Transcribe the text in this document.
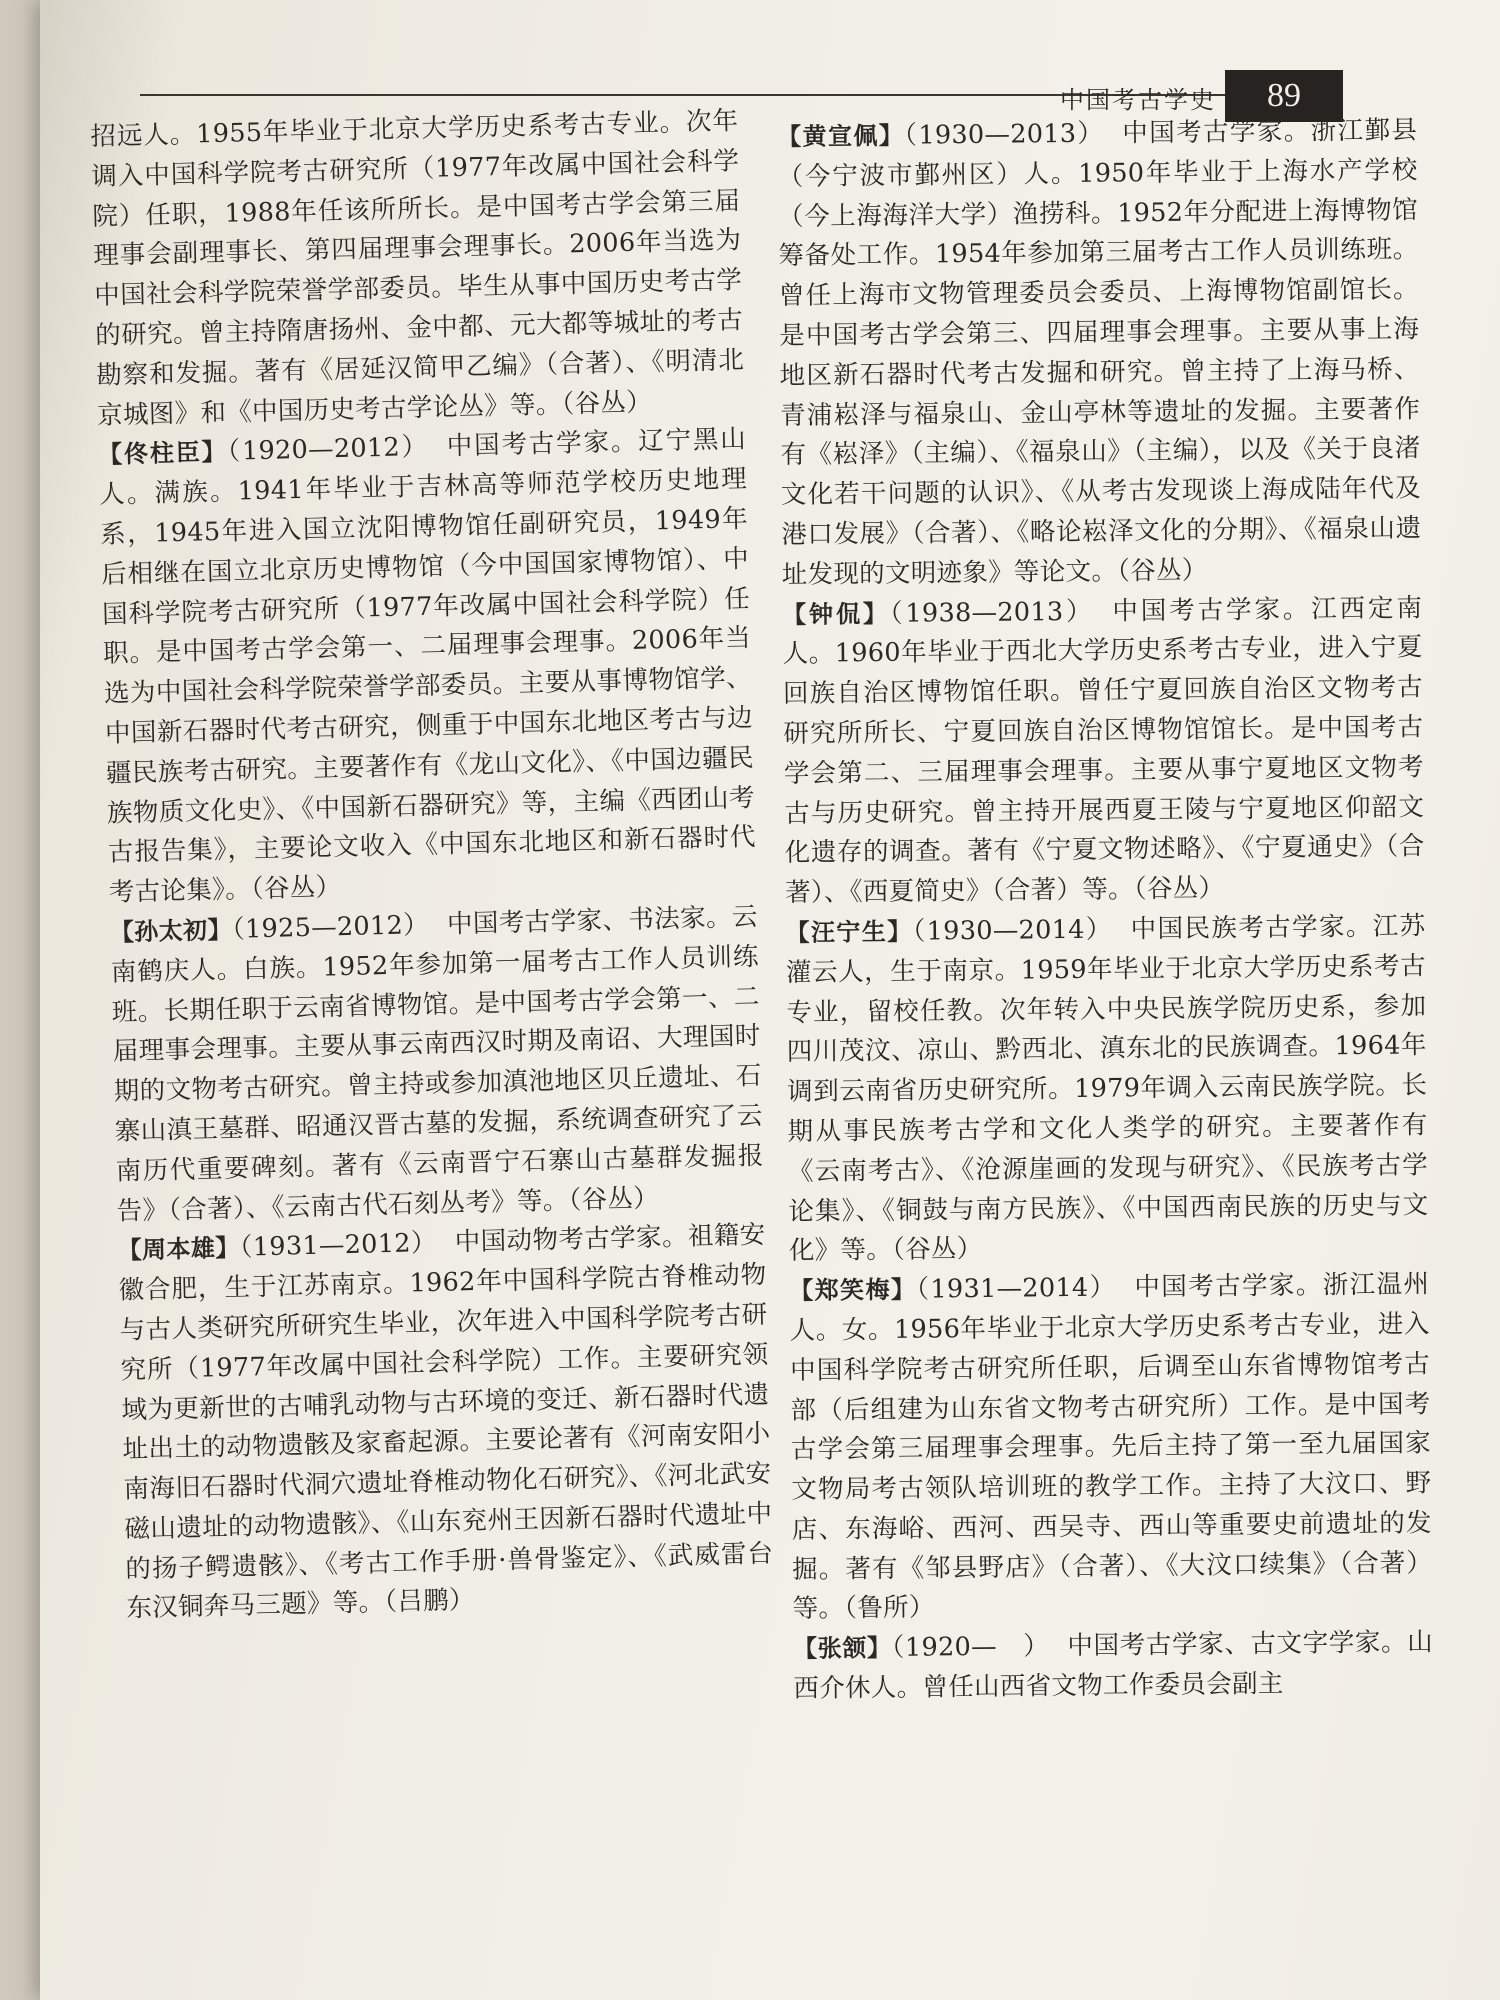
中国考古学史	89

招远人。1955年毕业于北京大学历史系考古专业。次年调入中国科学院考古研究所（1977年改属中国社会科学院）任职，1988年任该所所长。是中国考古学会第三届理事会副理事长、第四届理事会理事长。2006年当选为中国社会科学院荣誉学部委员。毕生从事中国历史考古学的研究。曾主持隋唐扬州、金中都、元大都等城址的考古勘察和发掘。著有《居延汉简甲乙编》（合著）、《明清北京城图》和《中国历史考古学论丛》等。（谷丛）

【佟柱臣】（1920—2012） 中国考古学家。辽宁黑山人。满族。1941年毕业于吉林高等师范学校历史地理系，1945年进入国立沈阳博物馆任副研究员，1949年后相继在国立北京历史博物馆（今中国国家博物馆）、中国科学院考古研究所（1977年改属中国社会科学院）任职。是中国考古学会第一、二届理事会理事。2006年当选为中国社会科学院荣誉学部委员。主要从事博物馆学、中国新石器时代考古研究，侧重于中国东北地区考古与边疆民族考古研究。主要著作有《龙山文化》、《中国边疆民族物质文化史》、《中国新石器研究》等，主编《西团山考古报告集》，主要论文收入《中国东北地区和新石器时代考古论集》。（谷丛）

【孙太初】（1925—2012） 中国考古学家、书法家。云南鹤庆人。白族。1952年参加第一届考古工作人员训练班。长期任职于云南省博物馆。是中国考古学会第一、二届理事会理事。主要从事云南西汉时期及南诏、大理国时期的文物考古研究。曾主持或参加滇池地区贝丘遗址、石寨山滇王墓群、昭通汉晋古墓的发掘，系统调查研究了云南历代重要碑刻。著有《云南晋宁石寨山古墓群发掘报告》（合著）、《云南古代石刻丛考》等。（谷丛）

【周本雄】（1931—2012） 中国动物考古学家。祖籍安徽合肥，生于江苏南京。1962年中国科学院古脊椎动物与古人类研究所研究生毕业，次年进入中国科学院考古研究所（1977年改属中国社会科学院）工作。主要研究领域为更新世的古哺乳动物与古环境的变迁、新石器时代遗址出土的动物遗骸及家畜起源。主要论著有《河南安阳小南海旧石器时代洞穴遗址脊椎动物化石研究》、《河北武安磁山遗址的动物遗骸》、《山东兖州王因新石器时代遗址中的扬子鳄遗骸》、《考古工作手册·兽骨鉴定》、《武威雷台东汉铜奔马三题》等。（吕鹏）

【黄宣佩】（1930—2013） 中国考古学家。浙江鄞县（今宁波市鄞州区）人。1950年毕业于上海水产学校（今上海海洋大学）渔捞科。1952年分配进上海博物馆筹备处工作。1954年参加第三届考古工作人员训练班。曾任上海市文物管理委员会委员、上海博物馆副馆长。是中国考古学会第三、四届理事会理事。主要从事上海地区新石器时代考古发掘和研究。曾主持了上海马桥、青浦崧泽与福泉山、金山亭林等遗址的发掘。主要著作有《崧泽》（主编）、《福泉山》（主编），以及《关于良渚文化若干问题的认识》、《从考古发现谈上海成陆年代及港口发展》（合著）、《略论崧泽文化的分期》、《福泉山遗址发现的文明迹象》等论文。（谷丛）

【钟侃】（1938—2013） 中国考古学家。江西定南人。1960年毕业于西北大学历史系考古专业，进入宁夏回族自治区博物馆任职。曾任宁夏回族自治区文物考古研究所所长、宁夏回族自治区博物馆馆长。是中国考古学会第二、三届理事会理事。主要从事宁夏地区文物考古与历史研究。曾主持开展西夏王陵与宁夏地区仰韶文化遗存的调查。著有《宁夏文物述略》、《宁夏通史》（合著）、《西夏简史》（合著）等。（谷丛）

【汪宁生】（1930—2014） 中国民族考古学家。江苏灌云人，生于南京。1959年毕业于北京大学历史系考古专业，留校任教。次年转入中央民族学院历史系，参加四川茂汶、凉山、黔西北、滇东北的民族调查。1964年调到云南省历史研究所。1979年调入云南民族学院。长期从事民族考古学和文化人类学的研究。主要著作有《云南考古》、《沧源崖画的发现与研究》、《民族考古学论集》、《铜鼓与南方民族》、《中国西南民族的历史与文化》等。（谷丛）

【郑笑梅】（1931—2014） 中国考古学家。浙江温州人。女。1956年毕业于北京大学历史系考古专业，进入中国科学院考古研究所任职，后调至山东省博物馆考古部（后组建为山东省文物考古研究所）工作。是中国考古学会第三届理事会理事。先后主持了第一至九届国家文物局考古领队培训班的教学工作。主持了大汶口、野店、东海峪、西河、西吴寺、西山等重要史前遗址的发掘。著有《邹县野店》（合著）、《大汶口续集》（合著）等。（鲁所）

【张颔】（1920—　） 中国考古学家、古文字学家。山西介休人。曾任山西省文物工作委员会副主
